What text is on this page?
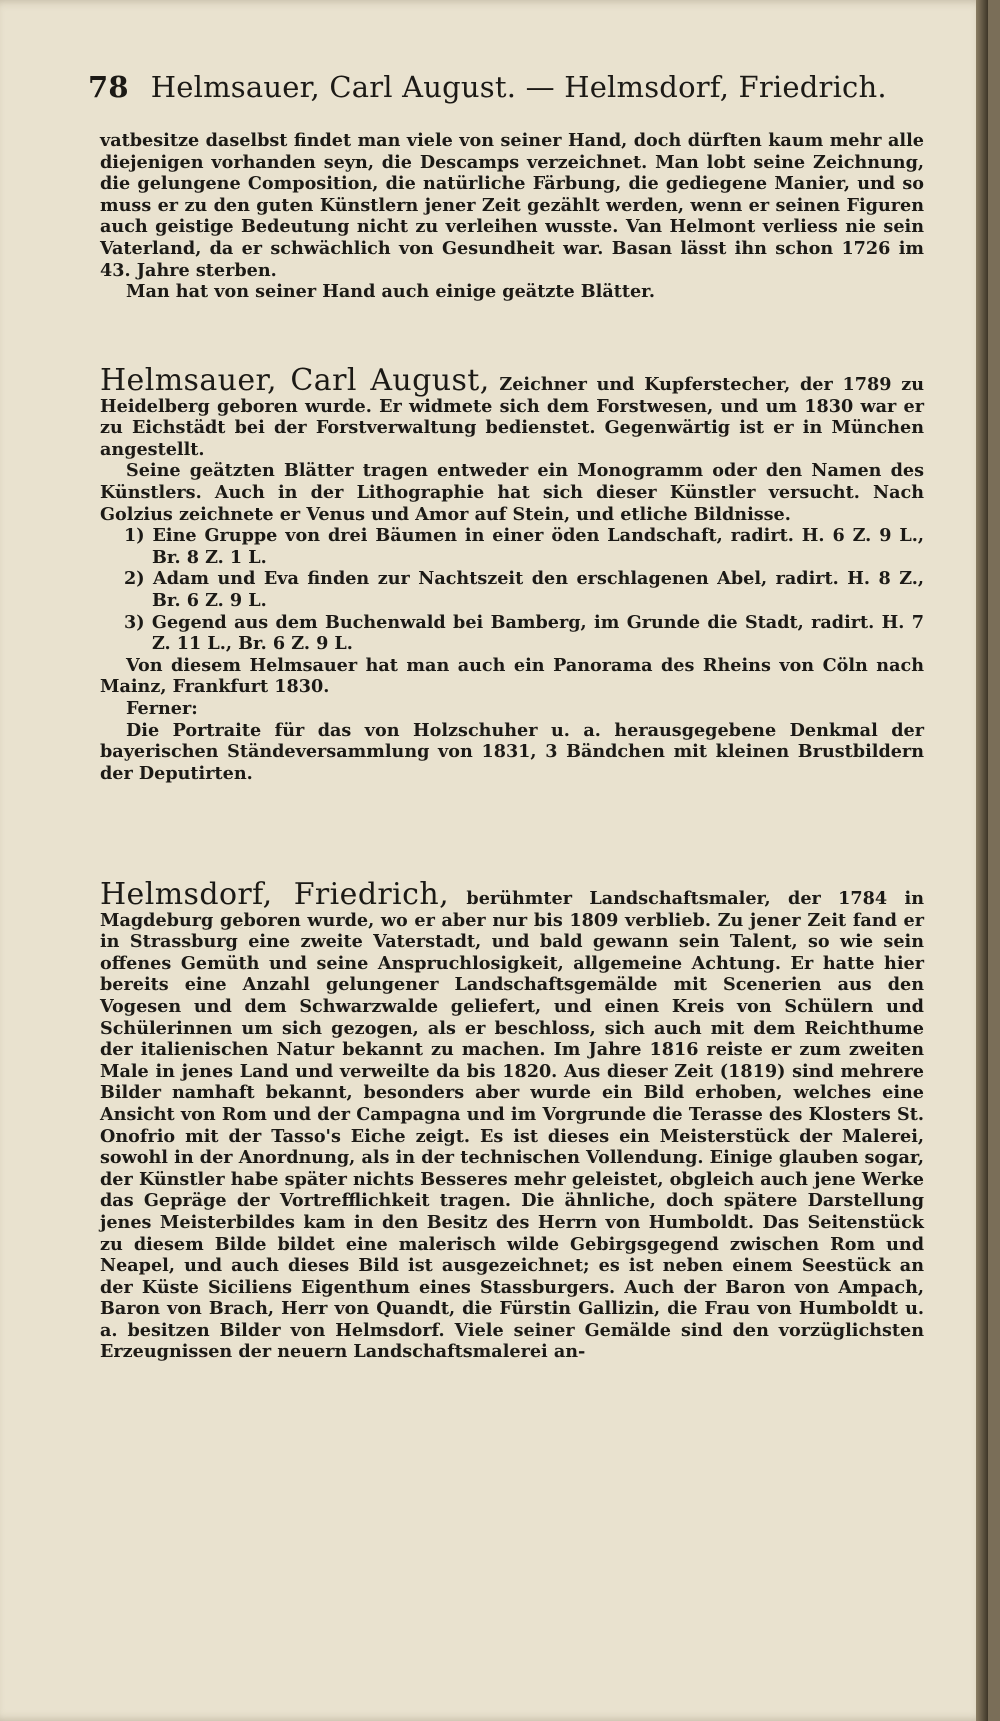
78 Helmsauer, Carl August. — Helmsdorf, Friedrich.

vatbesitze daselbst findet man viele von seiner Hand, doch dürften kaum mehr alle diejenigen vorhanden seyn, die Descamps verzeichnet. Man lobt seine Zeichnung, die gelungene Composition, die natürliche Färbung, die gediegene Manier, und so muss er zu den guten Künstlern jener Zeit gezählt werden, wenn er seinen Figuren auch geistige Bedeutung nicht zu verleihen wusste. Van Helmont verliess nie sein Vaterland, da er schwächlich von Gesundheit war. Basan lässt ihn schon 1726 im 43. Jahre sterben.

Man hat von seiner Hand auch einige geätzte Blätter.

Helmsauer, Carl August, Zeichner und Kupferstecher, der 1789 zu Heidelberg geboren wurde. Er widmete sich dem Forstwesen, und um 1830 war er zu Eichstädt bei der Forstverwaltung bedienstet. Gegenwärtig ist er in München angestellt.

Seine geätzten Blätter tragen entweder ein Monogramm oder den Namen des Künstlers. Auch in der Lithographie hat sich dieser Künstler versucht. Nach Golzius zeichnete er Venus und Amor auf Stein, und etliche Bildnisse.

1) Eine Gruppe von drei Bäumen in einer öden Landschaft, radirt. H. 6 Z. 9 L., Br. 8 Z. 1 L.

2) Adam und Eva finden zur Nachtszeit den erschlagenen Abel, radirt. H. 8 Z., Br. 6 Z. 9 L.

3) Gegend aus dem Buchenwald bei Bamberg, im Grunde die Stadt, radirt. H. 7 Z. 11 L., Br. 6 Z. 9 L.

Von diesem Helmsauer hat man auch ein Panorama des Rheins von Cöln nach Mainz, Frankfurt 1830.

Ferner:

Die Portraite für das von Holzschuher u. a. herausgegebene Denkmal der bayerischen Ständeversammlung von 1831, 3 Bändchen mit kleinen Brustbildern der Deputirten.

Helmsdorf, Friedrich, berühmter Landschaftsmaler, der 1784 in Magdeburg geboren wurde, wo er aber nur bis 1809 verblieb. Zu jener Zeit fand er in Strassburg eine zweite Vaterstadt, und bald gewann sein Talent, so wie sein offenes Gemüth und seine Anspruchlosigkeit, allgemeine Achtung. Er hatte hier bereits eine Anzahl gelungener Landschaftsgemälde mit Scenerien aus den Vogesen und dem Schwarzwalde geliefert, und einen Kreis von Schülern und Schülerinnen um sich gezogen, als er beschloss, sich auch mit dem Reichthume der italienischen Natur bekannt zu machen. Im Jahre 1816 reiste er zum zweiten Male in jenes Land und verweilte da bis 1820. Aus dieser Zeit (1819) sind mehrere Bilder namhaft bekannt, besonders aber wurde ein Bild erhoben, welches eine Ansicht von Rom und der Campagna und im Vorgrunde die Terasse des Klosters St. Onofrio mit der Tasso's Eiche zeigt. Es ist dieses ein Meisterstück der Malerei, sowohl in der Anordnung, als in der technischen Vollendung. Einige glauben sogar, der Künstler habe später nichts Besseres mehr geleistet, obgleich auch jene Werke das Gepräge der Vortrefflichkeit tragen. Die ähnliche, doch spätere Darstellung jenes Meisterbildes kam in den Besitz des Herrn von Humboldt. Das Seitenstück zu diesem Bilde bildet eine malerisch wilde Gebirgsgegend zwischen Rom und Neapel, und auch dieses Bild ist ausgezeichnet; es ist neben einem Seestück an der Küste Siciliens Eigenthum eines Stassburgers. Auch der Baron von Ampach, Baron von Brach, Herr von Quandt, die Fürstin Gallizin, die Frau von Humboldt u. a. besitzen Bilder von Helmsdorf. Viele seiner Gemälde sind den vorzüglichsten Erzeugnissen der neuern Landschaftsmalerei an-
